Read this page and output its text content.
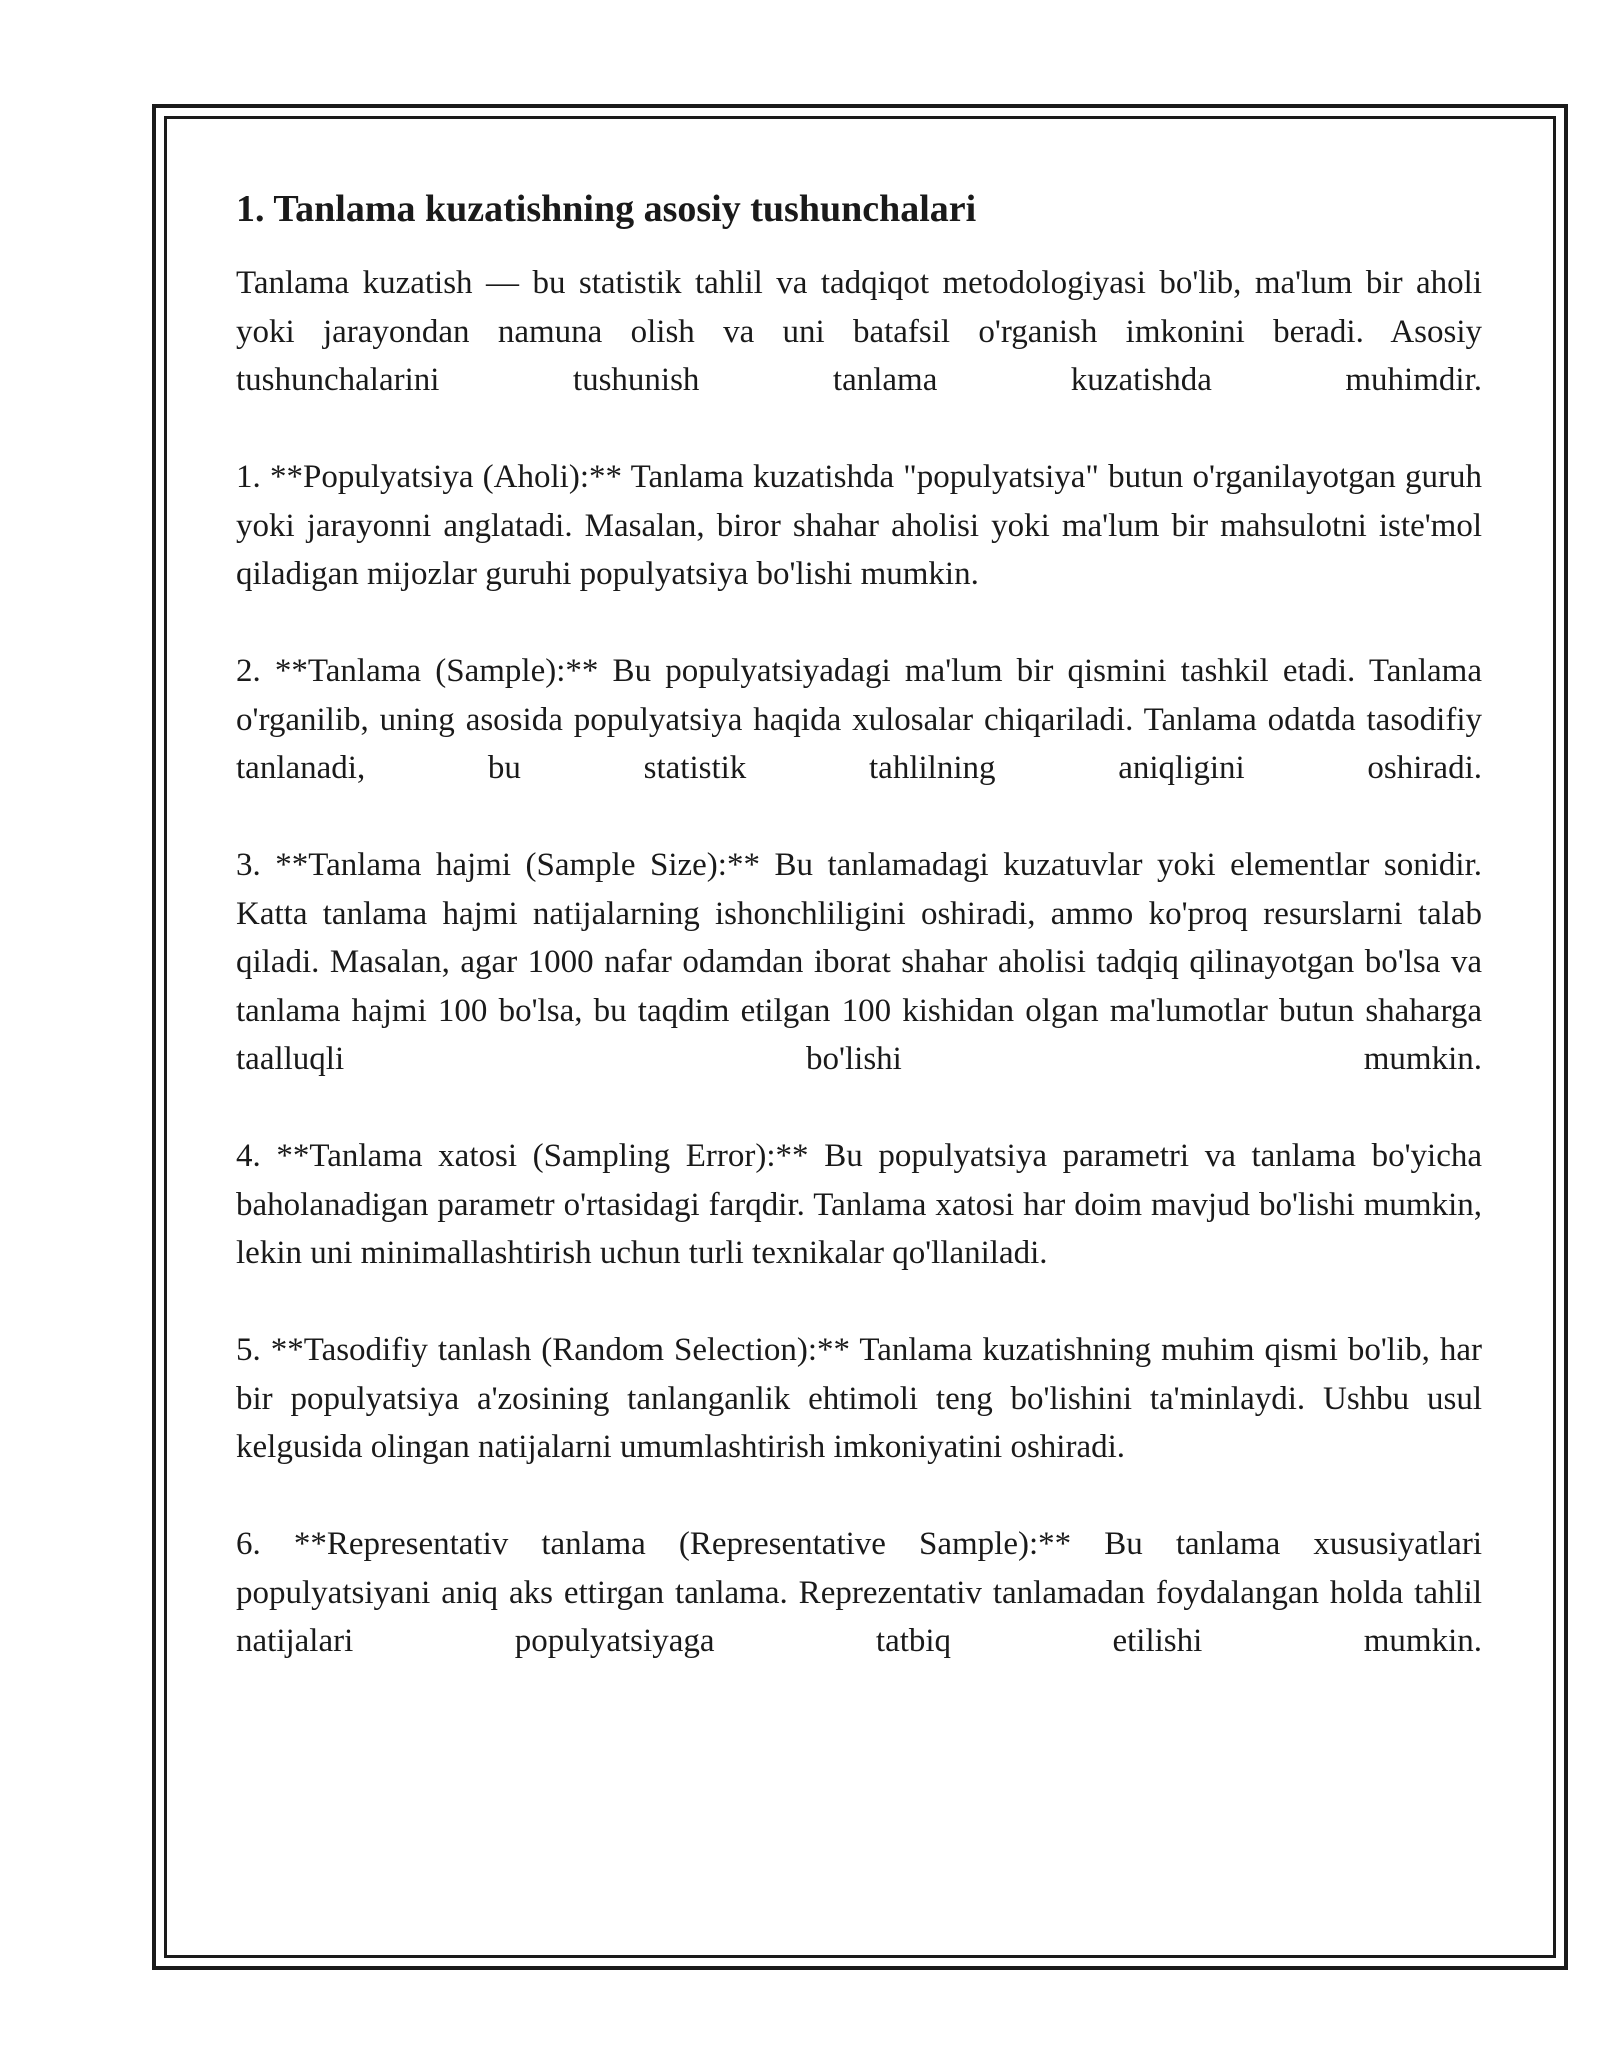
1. Tanlama kuzatishning asosiy tushunchalari

Tanlama kuzatish — bu statistik tahlil va tadqiqot metodologiyasi bo'lib, ma'lum bir aholi yoki jarayondan namuna olish va uni batafsil o'rganish imkonini beradi. Asosiy tushunchalarini tushunish tanlama kuzatishda muhimdir.

1. **Populyatsiya (Aholi):** Tanlama kuzatishda "populyatsiya" butun o'rganilayotgan guruh yoki jarayonni anglatadi. Masalan, biror shahar aholisi yoki ma'lum bir mahsulotni iste'mol qiladigan mijozlar guruhi populyatsiya bo'lishi mumkin.

2. **Tanlama (Sample):** Bu populyatsiyadagi ma'lum bir qismini tashkil etadi. Tanlama o'rganilib, uning asosida populyatsiya haqida xulosalar chiqariladi. Tanlama odatda tasodifiy tanlanadi, bu statistik tahlilning aniqligini oshiradi.

3. **Tanlama hajmi (Sample Size):** Bu tanlamadagi kuzatuvlar yoki elementlar sonidir. Katta tanlama hajmi natijalarning ishonchliligini oshiradi, ammo ko'proq resurslarni talab qiladi. Masalan, agar 1000 nafar odamdan iborat shahar aholisi tadqiq qilinayotgan bo'lsa va tanlama hajmi 100 bo'lsa, bu taqdim etilgan 100 kishidan olgan ma'lumotlar butun shaharga taalluqli bo'lishi mumkin.

4. **Tanlama xatosi (Sampling Error):** Bu populyatsiya parametri va tanlama bo'yicha baholanadigan parametr o'rtasidagi farqdir. Tanlama xatosi har doim mavjud bo'lishi mumkin, lekin uni minimallashtirish uchun turli texnikalar qo'llaniladi.

5. **Tasodifiy tanlash (Random Selection):** Tanlama kuzatishning muhim qismi bo'lib, har bir populyatsiya a'zosining tanlanganlik ehtimoli teng bo'lishini ta'minlaydi. Ushbu usul kelgusida olingan natijalarni umumlashtirish imkoniyatini oshiradi.

6. **Representativ tanlama (Representative Sample):** Bu tanlama xususiyatlari populyatsiyani aniq aks ettirgan tanlama. Reprezentativ tanlamadan foydalangan holda tahlil natijalari populyatsiyaga tatbiq etilishi mumkin.
